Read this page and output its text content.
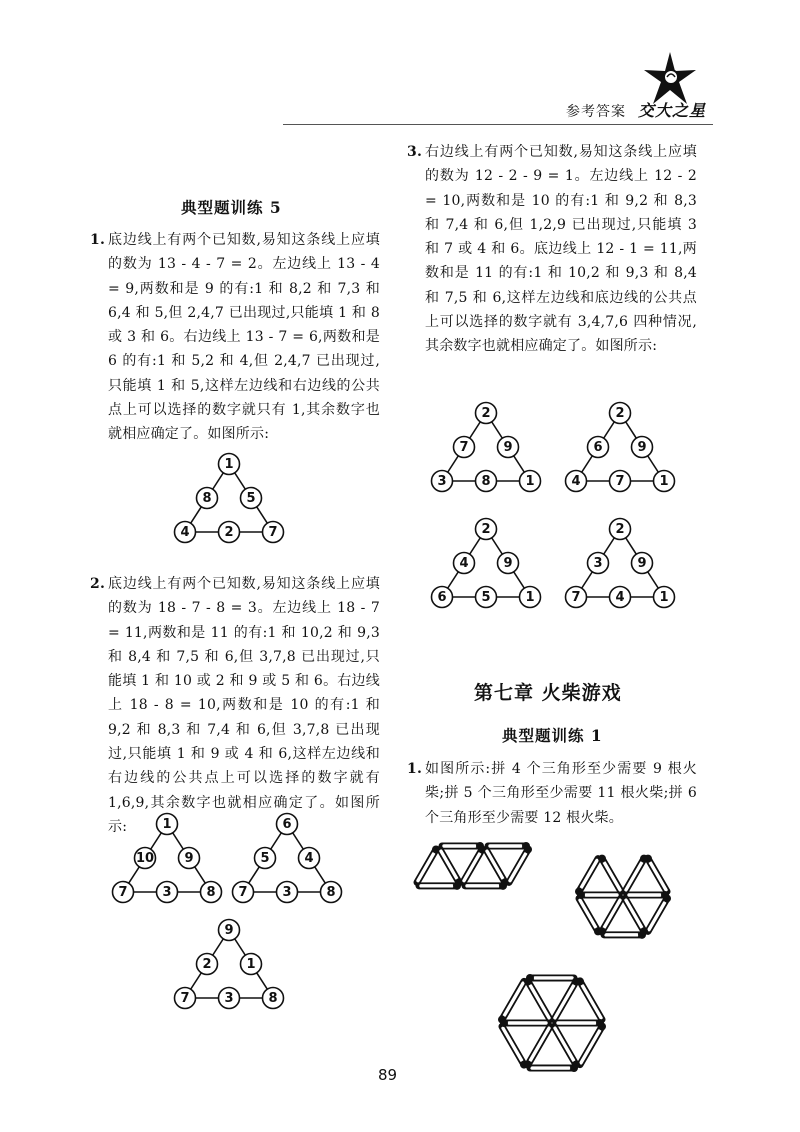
参考答案 交大之星
典型题训练 5
1. 底边线上有两个已知数,易知这条线上应填的数为 13 - 4 - 7 = 2。左边线上 13 - 4 = 9,两数和是 9 的有:1 和 8,2 和 7,3 和 6,4 和 5,但 2,4,7 已出现过,只能填 1 和 8 或 3 和 6。右边线上 13 - 7 = 6,两数和是 6 的有:1 和 5,2 和 4,但 2,4,7 已出现过,只能填 1 和 5,这样左边线和右边线的公共点上可以选择的数字就只有 1,其余数字也就相应确定了。如图所示:
1
8	5
4	2	7
2. 底边线上有两个已知数,易知这条线上应填的数为 18 - 7 - 8 = 3。左边线上 18 - 7 = 11,两数和是 11 的有:1 和 10,2 和 9,3 和 8,4 和 7,5 和 6,但 3,7,8 已出现过,只能填 1 和 10 或 2 和 9 或 5 和 6。右边线上 18 - 8 = 10,两数和是 10 的有:1 和 9,2 和 8,3 和 7,4 和 6,但 3,7,8 已出现过,只能填 1 和 9 或 4 和 6,这样左边线和右边线的公共点上可以选择的数字就有 1,6,9,其余数字也就相应确定了。如图所示:	1
10 9
7	3	8
6
5	4
7	3	8
9
2	1
7	3	8
3. 右边线上有两个已知数,易知这条线上应填的数为 12 - 2 - 9 = 1。左边线上 12 - 2 = 10,两数和是 10 的有:1 和 9,2 和 8,3 和 7,4 和 6,但 1,2,9 已出现过,只能填 3 和 7 或 4 和 6。底边线上 12 - 1 = 11,两数和是 11 的有:1 和 10,2 和 9,3 和 8,4 和 7,5 和 6,这样左边线和底边线的公共点上可以选择的数字就有 3,4,7,6 四种情况,其余数字也就相应确定了。如图所示:
2
7	9
3	8	1
2
6	9
4	7	1
2
4	9
6	5	1
2
3	9
7	4	1
第七章 火柴游戏
典型题训练 1
1. 如图所示:拼 4 个三角形至少需要 9 根火柴;拼 5 个三角形至少需要 11 根火柴;拼 6 个三角形至少需要 12 根火柴。
89
